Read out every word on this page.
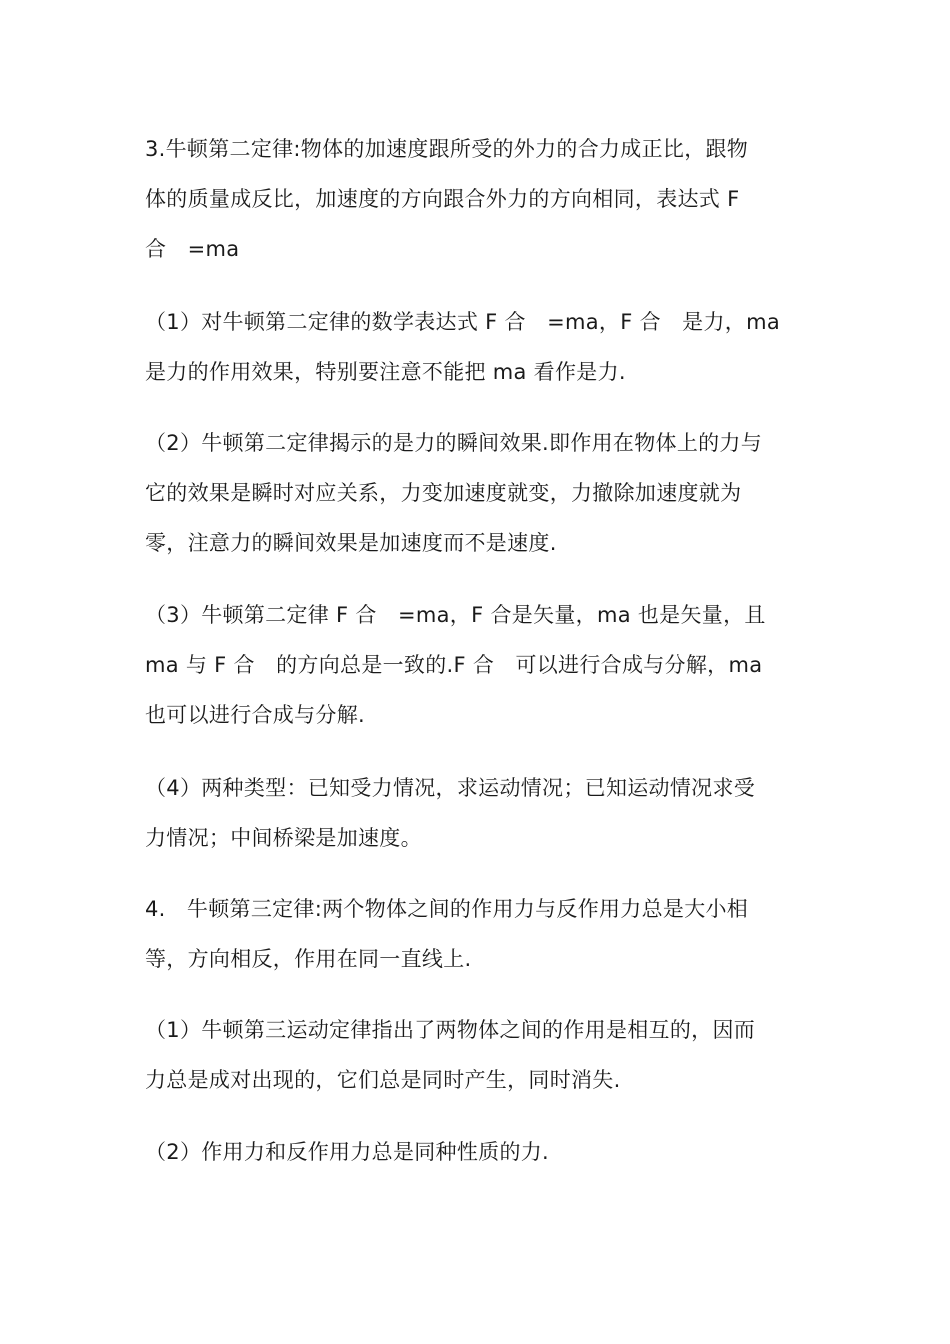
3.牛顿第二定律:物体的加速度跟所受的外力的合力成正比，跟物
体的质量成反比，加速度的方向跟合外力的方向相同，表达式 F
合　=ma
（1）对牛顿第二定律的数学表达式 F 合　=ma，F 合　是力，ma
是力的作用效果，特别要注意不能把 ma 看作是力.
（2）牛顿第二定律揭示的是力的瞬间效果.即作用在物体上的力与
它的效果是瞬时对应关系，力变加速度就变，力撤除加速度就为
零，注意力的瞬间效果是加速度而不是速度.
（3）牛顿第二定律 F 合　=ma，F 合是矢量，ma 也是矢量，且
ma 与 F 合　的方向总是一致的.F 合　可以进行合成与分解，ma
也可以进行合成与分解.
（4）两种类型：已知受力情况，求运动情况；已知运动情况求受
力情况；中间桥梁是加速度。
4.　牛顿第三定律:两个物体之间的作用力与反作用力总是大小相
等，方向相反，作用在同一直线上.
（1）牛顿第三运动定律指出了两物体之间的作用是相互的，因而
力总是成对出现的，它们总是同时产生，同时消失.
（2）作用力和反作用力总是同种性质的力.
